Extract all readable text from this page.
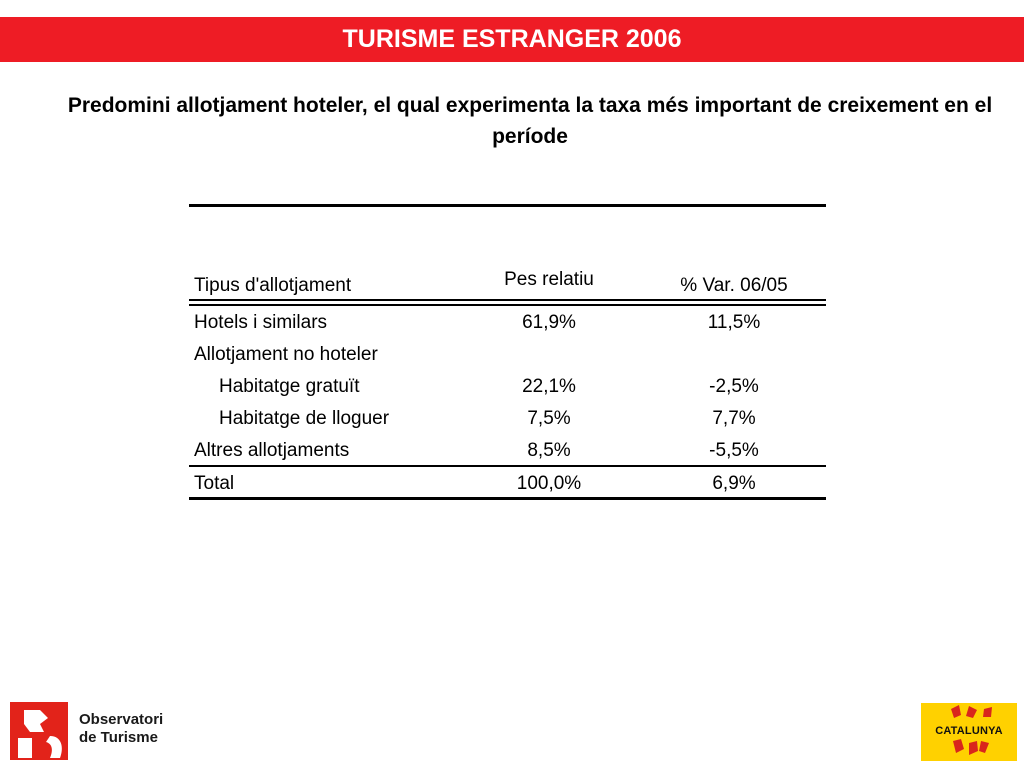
TURISME ESTRANGER 2006
Predomini allotjament hoteler, el qual experimenta la taxa més important de creixement en el període
Tipus d'allotjament	Pes relatiu	% Var. 06/05
Hotels i similars	61,9%	11,5%
Allotjament no hoteler
Habitatge gratuït	22,1%	-2,5%
Habitatge de lloguer	7,5%	7,7%
Altres allotjaments	8,5%	-5,5%
Total	100,0%	6,9%
Observatori
de Turisme	CATALUNYA
